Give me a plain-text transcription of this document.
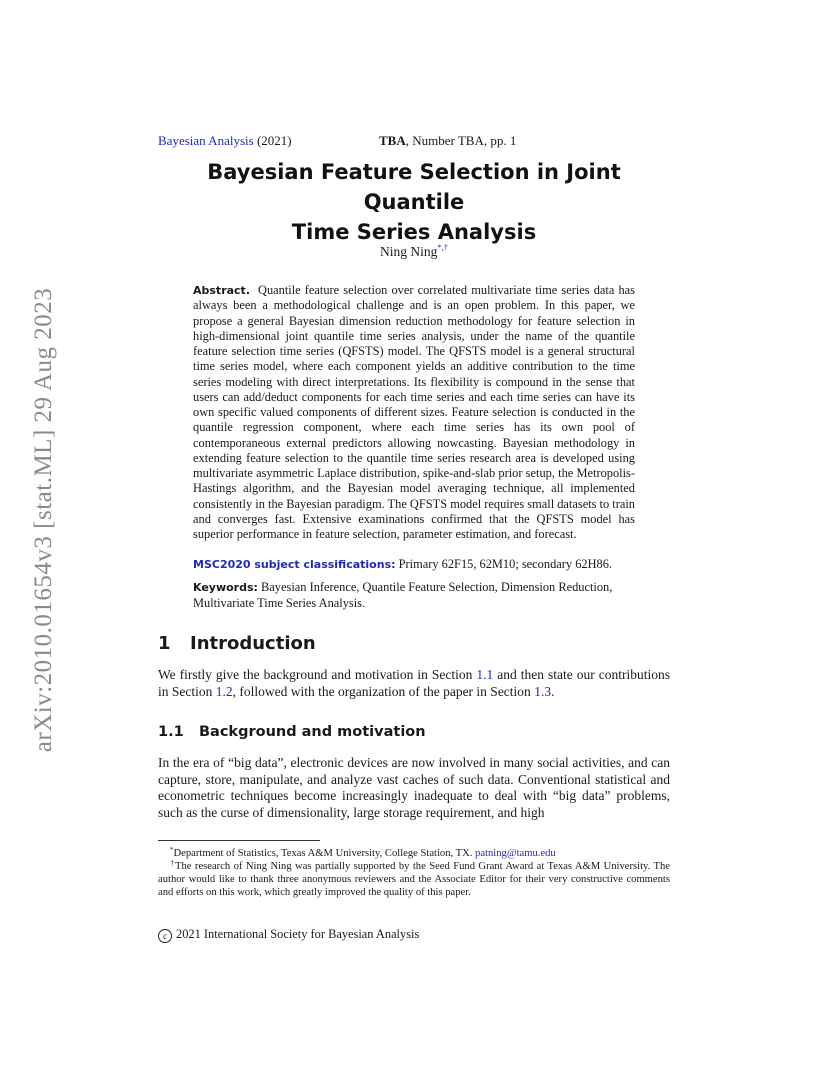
arXiv:2010.01654v3 [stat.ML] 29 Aug 2023
Bayesian Analysis (2021)	TBA, Number TBA, pp. 1
Bayesian Feature Selection in Joint Quantile
Time Series Analysis
Ning Ning*,†
Abstract. Quantile feature selection over correlated multivariate time series data has always been a methodological challenge and is an open problem. In this paper, we propose a general Bayesian dimension reduction methodology for feature selection in high-dimensional joint quantile time series analysis, under the name of the quantile feature selection time series (QFSTS) model. The QFSTS model is a general structural time series model, where each component yields an additive contribution to the time series modeling with direct interpretations. Its flexibility is compound in the sense that users can add/deduct components for each time series and each time series can have its own specific valued components of different sizes. Feature selection is conducted in the quantile regression component, where each time series has its own pool of contemporaneous external predictors allowing nowcasting. Bayesian methodology in extending feature selection to the quantile time series research area is developed using multivariate asymmetric Laplace distribution, spike-and-slab prior setup, the Metropolis-Hastings algorithm, and the Bayesian model averaging technique, all implemented consistently in the Bayesian paradigm. The QFSTS model requires small datasets to train and converges fast. Extensive examinations confirmed that the QFSTS model has superior performance in feature selection, parameter estimation, and forecast.
MSC2020 subject classifications: Primary 62F15, 62M10; secondary 62H86.
Keywords: Bayesian Inference, Quantile Feature Selection, Dimension Reduction, Multivariate Time Series Analysis.
1 Introduction
We firstly give the background and motivation in Section 1.1 and then state our contributions in Section 1.2, followed with the organization of the paper in Section 1.3.
1.1 Background and motivation
In the era of “big data”, electronic devices are now involved in many social activities, and can capture, store, manipulate, and analyze vast caches of such data. Conventional statistical and econometric techniques become increasingly inadequate to deal with “big data” problems, such as the curse of dimensionality, large storage requirement, and high
*Department of Statistics, Texas A&M University, College Station, TX. patning@tamu.edu
†The research of Ning Ning was partially supported by the Seed Fund Grant Award at Texas A&M University. The author would like to thank three anonymous reviewers and the Associate Editor for their very constructive comments and efforts on this work, which greatly improved the quality of this paper.
c 2021 International Society for Bayesian Analysis
